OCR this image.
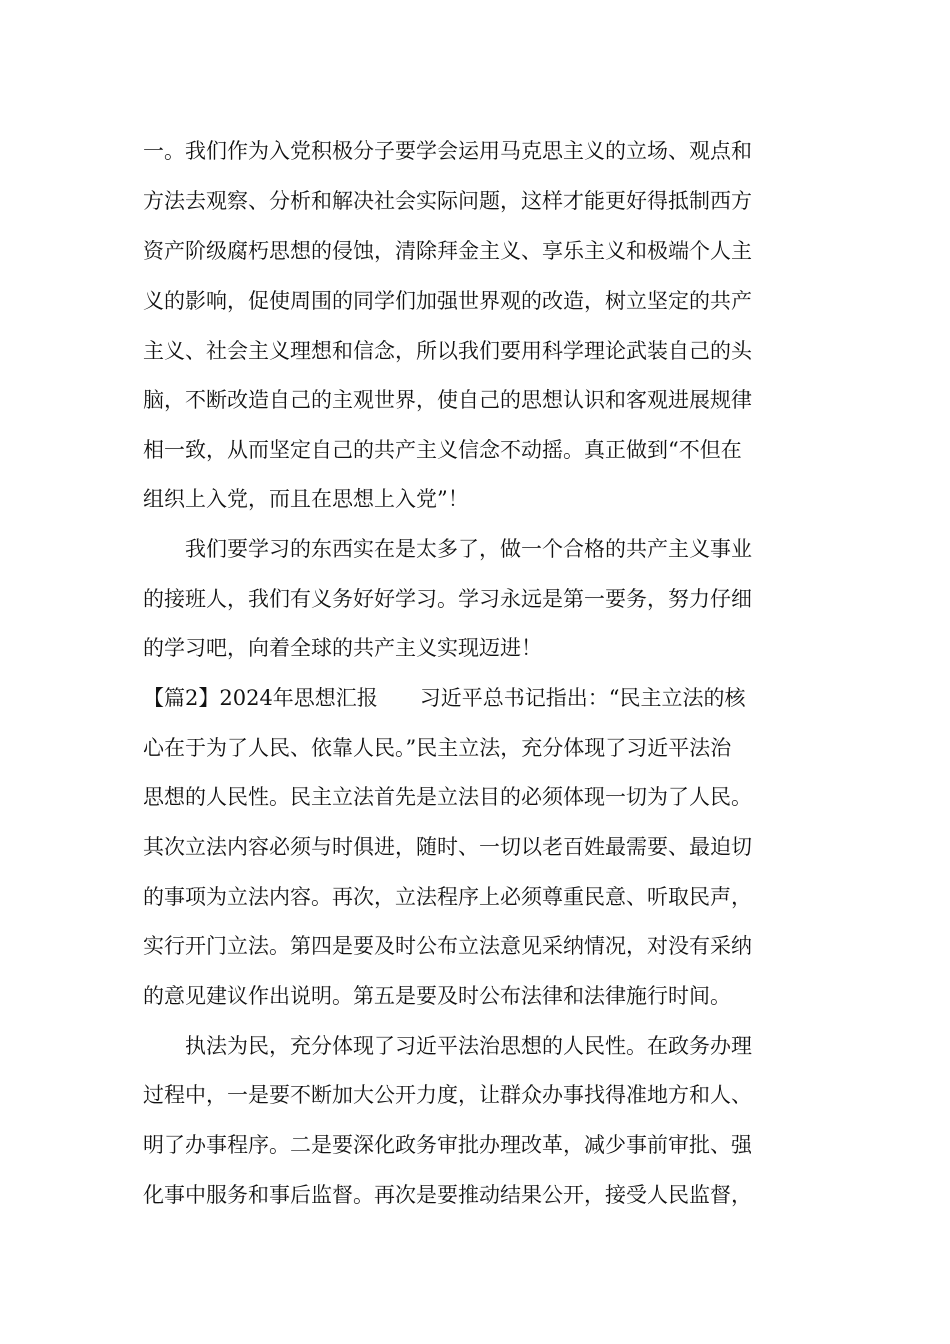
一。我们作为入党积极分子要学会运用马克思主义的立场、观点和
方法去观察、分析和解决社会实际问题，这样才能更好得抵制西方
资产阶级腐朽思想的侵蚀，清除拜金主义、享乐主义和极端个人主
义的影响，促使周围的同学们加强世界观的改造，树立坚定的共产
主义、社会主义理想和信念，所以我们要用科学理论武装自己的头
脑，不断改造自己的主观世界，使自己的思想认识和客观进展规律
相一致，从而坚定自己的共产主义信念不动摇。真正做到“不但在
组织上入党，而且在思想上入党”！
　　我们要学习的东西实在是太多了，做一个合格的共产主义事业
的接班人，我们有义务好好学习。学习永远是第一要务，努力仔细
的学习吧，向着全球的共产主义实现迈进！
【篇2】2024年思想汇报　　习近平总书记指出：“民主立法的核
心在于为了人民、依靠人民。”民主立法，充分体现了习近平法治
思想的人民性。民主立法首先是立法目的必须体现一切为了人民。
其次立法内容必须与时俱进，随时、一切以老百姓最需要、最迫切
的事项为立法内容。再次，立法程序上必须尊重民意、听取民声，
实行开门立法。第四是要及时公布立法意见采纳情况，对没有采纳
的意见建议作出说明。第五是要及时公布法律和法律施行时间。
　　执法为民，充分体现了习近平法治思想的人民性。在政务办理
过程中，一是要不断加大公开力度，让群众办事找得准地方和人、
明了办事程序。二是要深化政务审批办理改革，减少事前审批、强
化事中服务和事后监督。再次是要推动结果公开，接受人民监督，
